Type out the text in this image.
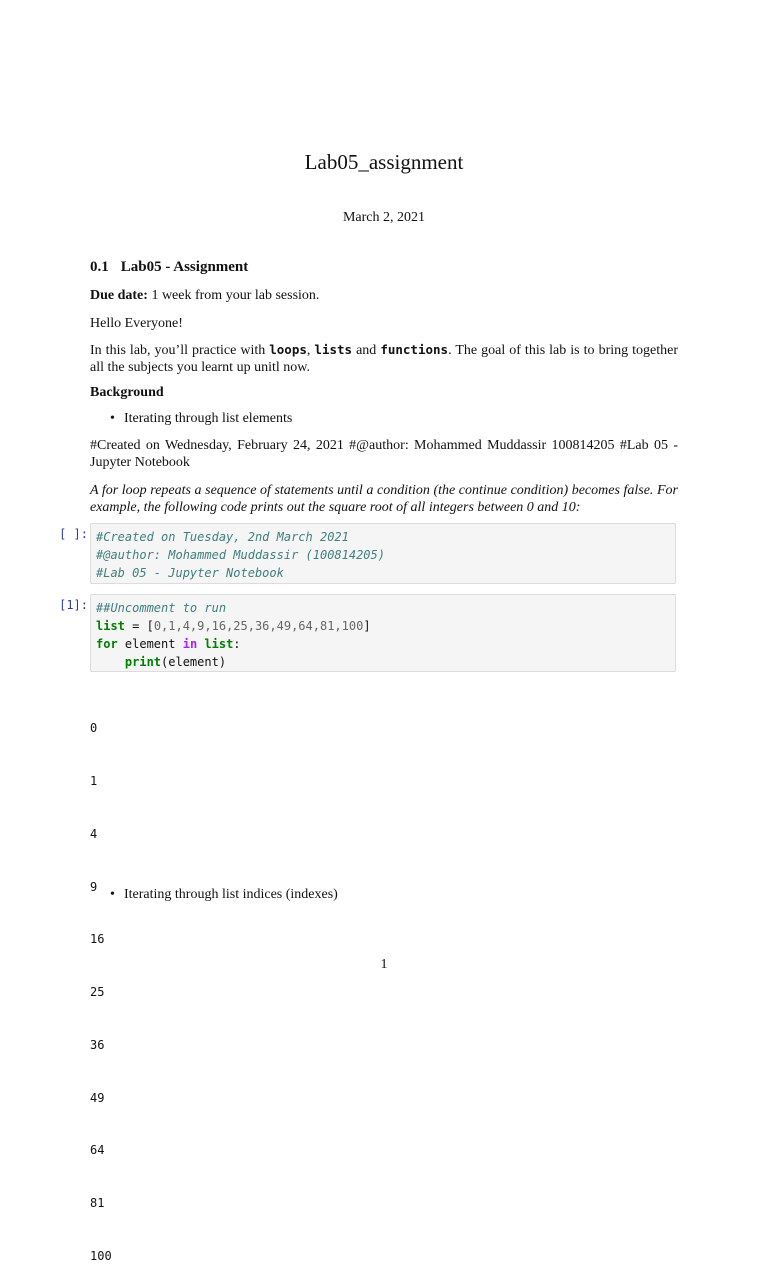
Lab05_assignment
March 2, 2021
0.1 Lab05 - Assignment
Due date: 1 week from your lab session.
Hello Everyone!
In this lab, you’ll practice with loops, lists and functions. The goal of this lab is to bring together all the subjects you learnt up unitl now.
Background
• Iterating through list elements
#Created on Wednesday, February 24, 2021 #@author: Mohammed Muddassir 100814205 #Lab 05 - Jupyter Notebook
A for loop repeats a sequence of statements until a condition (the continue condition) becomes false. For example, the following code prints out the square root of all integers between 0 and 10:
[ ]: #Created on Tuesday, 2nd March 2021
#@author: Mohammed Muddassir (100814205)
#Lab 05 - Jupyter Notebook
[1]: ##Uncomment to run
list = [0,1,4,9,16,25,36,49,64,81,100]
for element in list:
print(element)

0

1

4

9

16

25

36

49

64

81

100

• Iterating through list indices (indexes)
1
